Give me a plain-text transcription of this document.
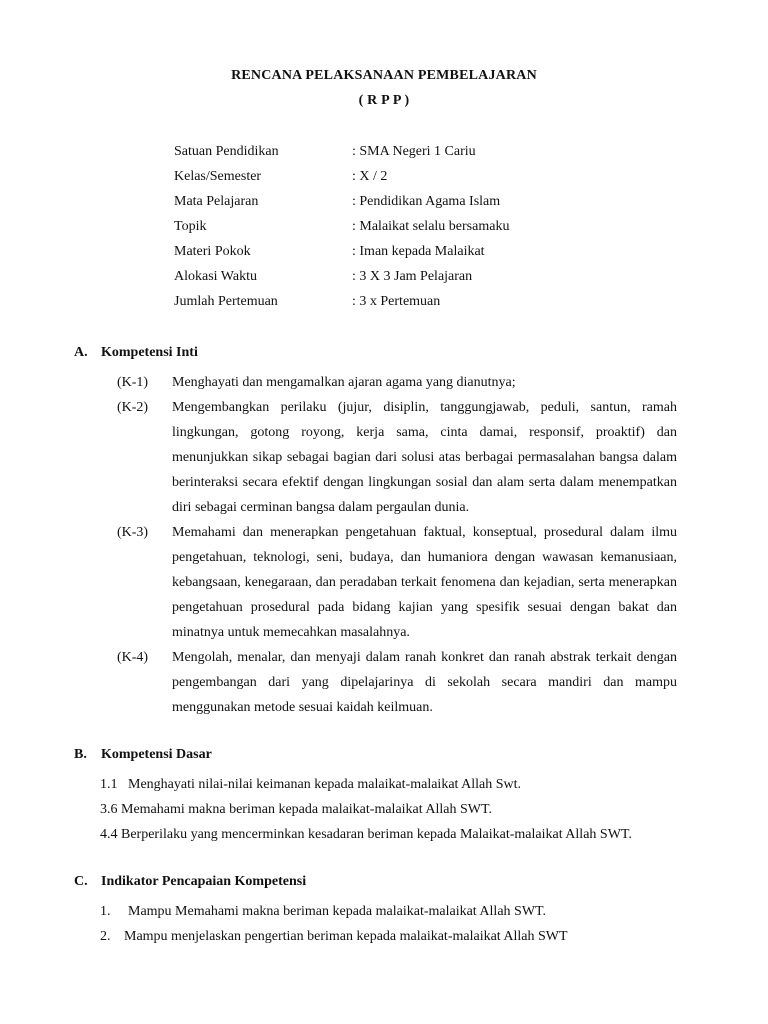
RENCANA PELAKSANAAN PEMBELAJARAN
( R P P )
Satuan Pendidikan	: SMA Negeri 1 Cariu
Kelas/Semester	: X / 2
Mata Pelajaran	: Pendidikan Agama Islam
Topik	: Malaikat selalu bersamaku
Materi Pokok	: Iman kepada Malaikat
Alokasi Waktu	: 3 X 3 Jam Pelajaran
Jumlah Pertemuan	: 3 x Pertemuan
A. Kompetensi Inti
(K-1) Menghayati dan mengamalkan ajaran agama yang dianutnya;
(K-2) Mengembangkan perilaku (jujur, disiplin, tanggungjawab, peduli, santun, ramah lingkungan, gotong royong, kerja sama, cinta damai, responsif, proaktif) dan menunjukkan sikap sebagai bagian dari solusi atas berbagai permasalahan bangsa dalam berinteraksi secara efektif dengan lingkungan sosial dan alam serta dalam menempatkan diri sebagai cerminan bangsa dalam pergaulan dunia.
(K-3) Memahami dan menerapkan pengetahuan faktual, konseptual, prosedural dalam ilmu pengetahuan, teknologi, seni, budaya, dan humaniora dengan wawasan kemanusiaan, kebangsaan, kenegaraan, dan peradaban terkait fenomena dan kejadian, serta menerapkan pengetahuan prosedural pada bidang kajian yang spesifik sesuai dengan bakat dan minatnya untuk memecahkan masalahnya.
(K-4) Mengolah, menalar, dan menyaji dalam ranah konkret dan ranah abstrak terkait dengan pengembangan dari yang dipelajarinya di sekolah secara mandiri dan mampu menggunakan metode sesuai kaidah keilmuan.
B. Kompetensi Dasar
1.1   Menghayati nilai-nilai keimanan kepada malaikat-malaikat Allah Swt.
3.6 Memahami makna beriman kepada malaikat-malaikat Allah SWT.
4.4 Berperilaku yang mencerminkan kesadaran beriman kepada Malaikat-malaikat Allah SWT.
C. Indikator Pencapaian Kompetensi
1. Mampu Memahami makna beriman kepada malaikat-malaikat Allah SWT.
2. Mampu menjelaskan pengertian beriman kepada malaikat-malaikat Allah SWT
